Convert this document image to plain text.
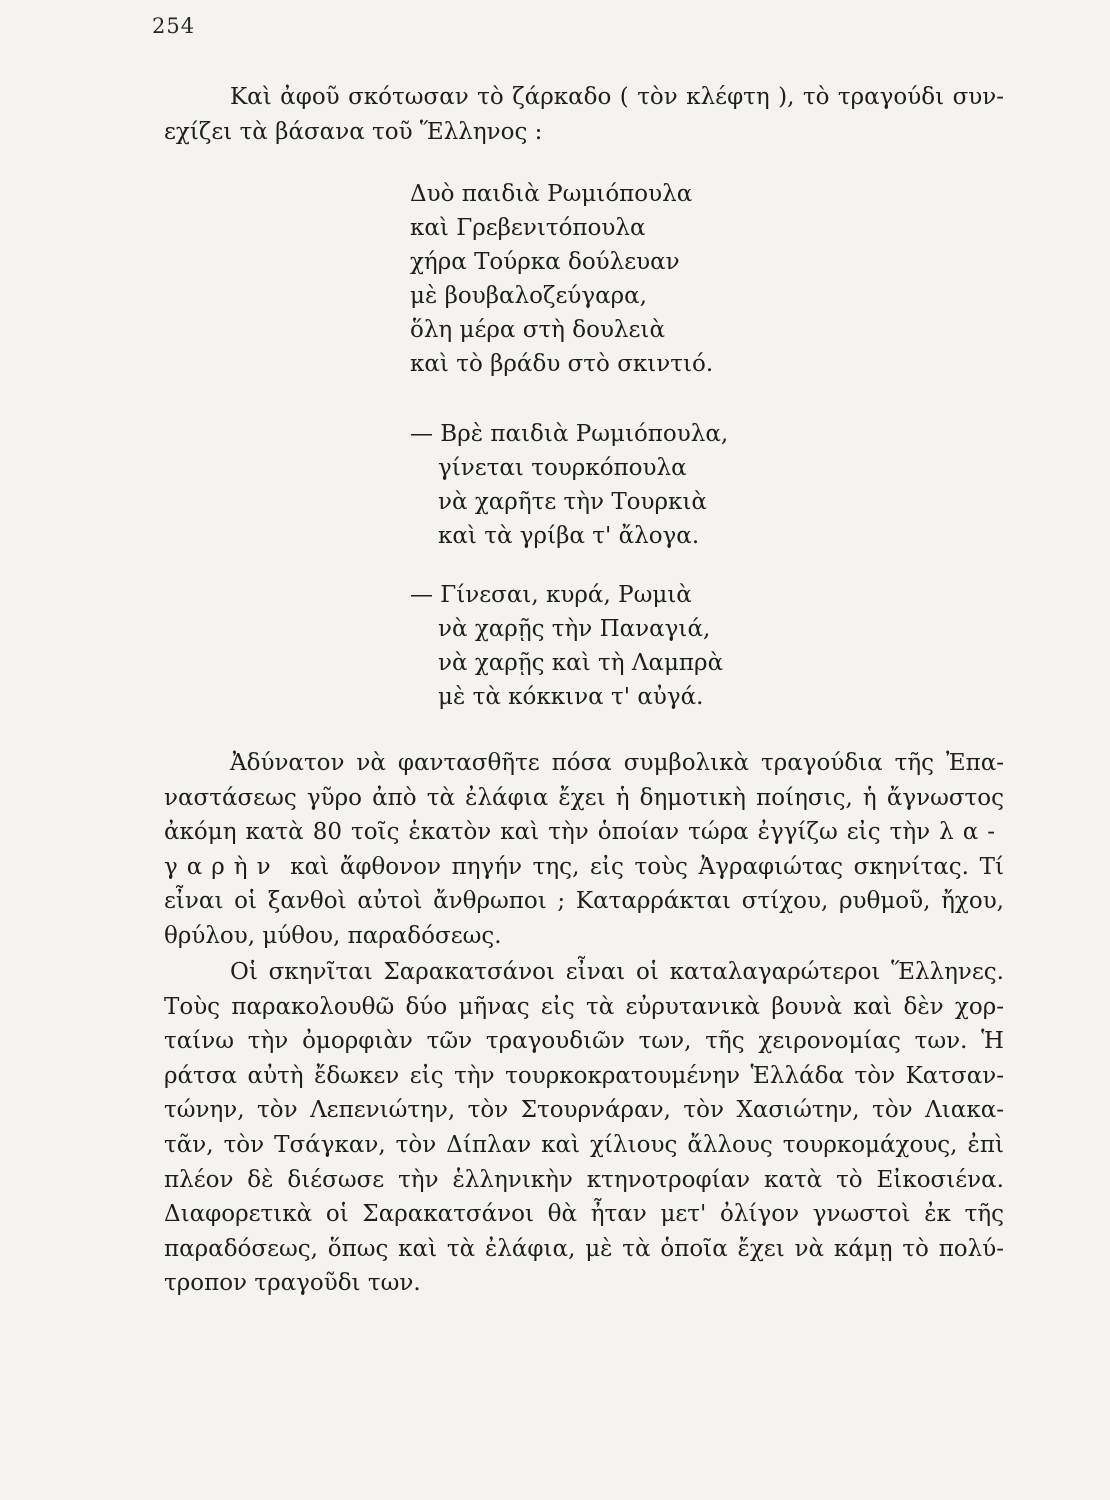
254
Καὶ ἀφοῦ σκότωσαν τὸ ζάρκαδο ( τὸν κλέφτη ), τὸ τραγούδι συν-
εχίζει τὰ βάσανα τοῦ Ἕλληνος :
Δυὸ παιδιὰ Ρωμιόπουλα
καὶ Γρεβενιτόπουλα
χήρα Τούρκα δούλευαν
μὲ βουβαλοζεύγαρα,
ὅλη μέρα στὴ δουλειὰ
καὶ τὸ βράδυ στὸ σκιντιό.
— Βρὲ παιδιὰ Ρωμιόπουλα,
γίνεται τουρκόπουλα
νὰ χαρῆτε τὴν Τουρκιὰ
καὶ τὰ γρίβα τ' ἄλογα.
— Γίνεσαι, κυρά, Ρωμιὰ
νὰ χαρῇς τὴν Παναγιά,
νὰ χαρῇς καὶ τὴ Λαμπρὰ
μὲ τὰ κόκκινα τ' αὐγά.
Ἀδύνατον νὰ φαντασθῆτε πόσα συμβολικὰ τραγούδια τῆς Ἐπα-
ναστάσεως γῦρο ἀπὸ τὰ ἐλάφια ἔχει ἡ δημοτικὴ ποίησις, ἡ ἄγνωστος
ἀκόμη κατὰ 80 τοῖς ἑκατὸν καὶ τὴν ὁποίαν τώρα ἐγγίζω εἰς τὴν λα-
γαρὴν καὶ ἄφθονον πηγήν της, εἰς τοὺς Ἀγραφιώτας σκηνίτας. Τί
εἶναι οἱ ξανθοὶ αὐτοὶ ἄνθρωποι ; Καταρράκται στίχου, ρυθμοῦ, ἤχου,
θρύλου, μύθου, παραδόσεως.
Οἱ σκηνῖται Σαρακατσάνοι εἶναι οἱ καταλαγαρώτεροι Ἕλληνες.
Τοὺς παρακολουθῶ δύο μῆνας εἰς τὰ εὐρυτανικὰ βουνὰ καὶ δὲν χορ-
ταίνω τὴν ὀμορφιὰν τῶν τραγουδιῶν των, τῆς χειρονομίας των. Ἡ
ράτσα αὐτὴ ἔδωκεν εἰς τὴν τουρκοκρατουμένην Ἑλλάδα τὸν Κατσαν-
τώνην, τὸν Λεπενιώτην, τὸν Στουρνάραν, τὸν Χασιώτην, τὸν Λιακα-
τᾶν, τὸν Τσάγκαν, τὸν Δίπλαν καὶ χίλιους ἄλλους τουρκομάχους, ἐπὶ
πλέον δὲ διέσωσε τὴν ἑλληνικὴν κτηνοτροφίαν κατὰ τὸ Εἰκοσιένα.
Διαφορετικὰ οἱ Σαρακατσάνοι θὰ ἦταν μετ' ὀλίγον γνωστοὶ ἐκ τῆς
παραδόσεως, ὅπως καὶ τὰ ἐλάφια, μὲ τὰ ὁποῖα ἔχει νὰ κάμῃ τὸ πολύ-
τροπον τραγοῦδι των.
